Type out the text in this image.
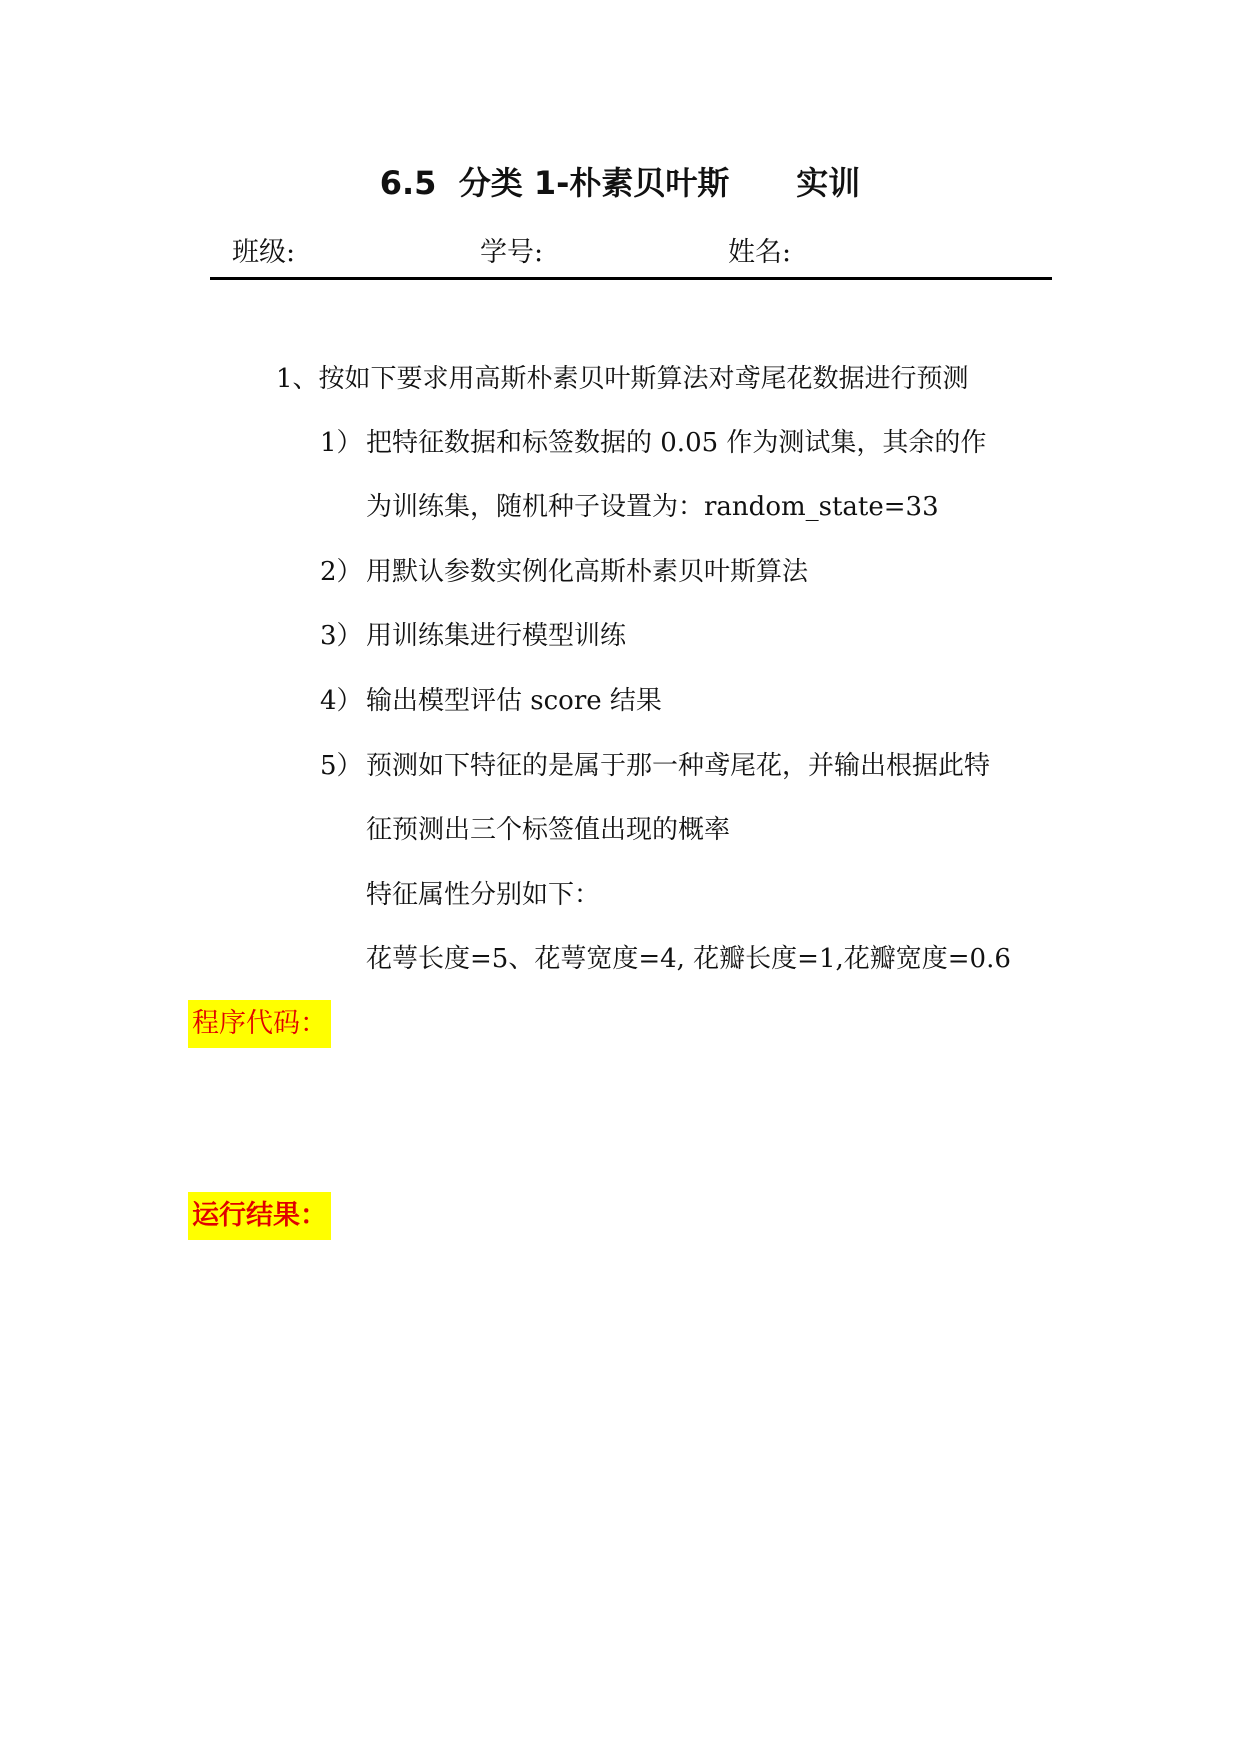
6.5  分类 1-朴素贝叶斯      实训
班级:	学号:	姓名:
1、按如下要求用高斯朴素贝叶斯算法对鸢尾花数据进行预测
1） 把特征数据和标签数据的 0.05 作为测试集，其余的作
为训练集，随机种子设置为：random_state=33
2） 用默认参数实例化高斯朴素贝叶斯算法
3） 用训练集进行模型训练
4） 输出模型评估 score 结果
5） 预测如下特征的是属于那一种鸢尾花，并输出根据此特
征预测出三个标签值出现的概率
特征属性分别如下：
花萼长度=5、花萼宽度=4, 花瓣长度=1,花瓣宽度=0.6
程序代码：
运行结果：
